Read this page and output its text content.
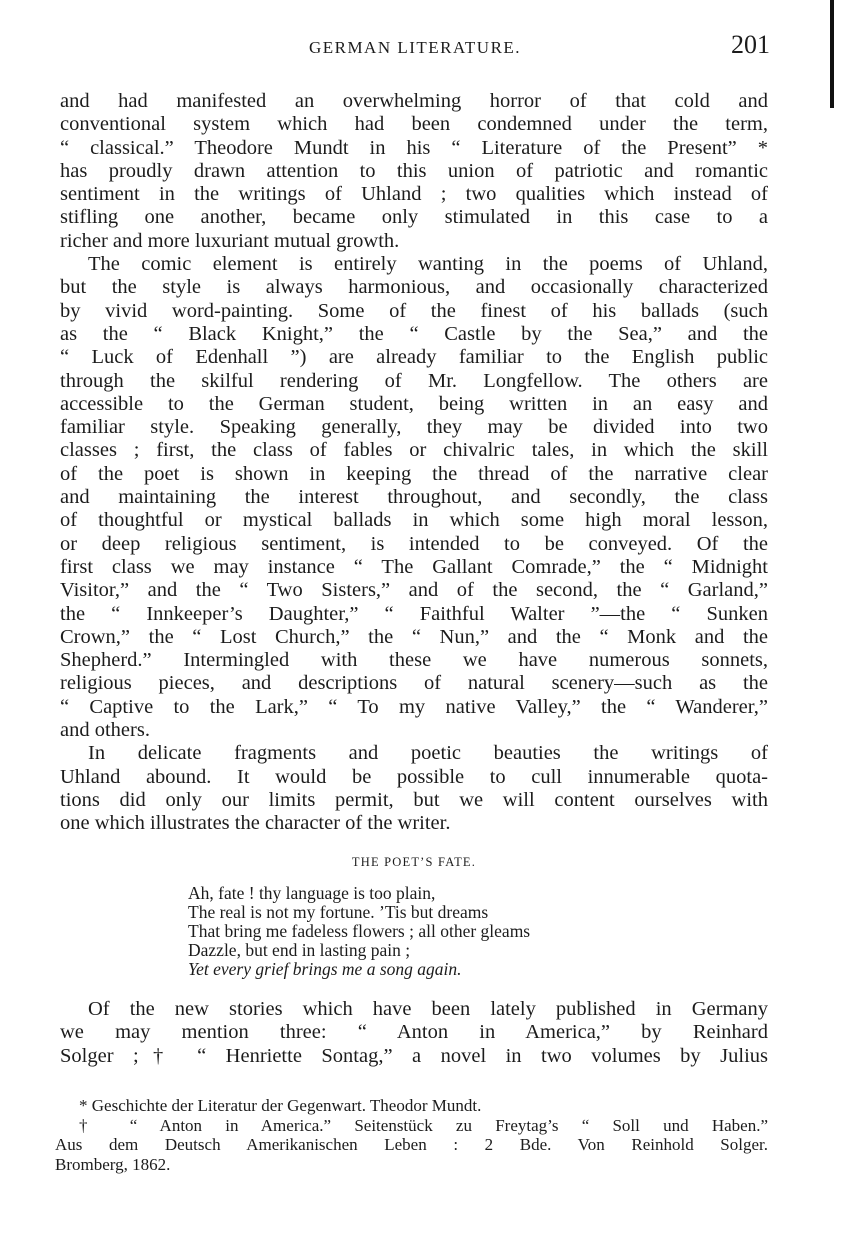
GERMAN LITERATURE.	201
and had manifested an overwhelming horror of that cold and
conventional system which had been condemned under the term,
“ classical.” Theodore Mundt in his “ Literature of the Present” *
has proudly drawn attention to this union of patriotic and romantic
sentiment in the writings of Uhland ; two qualities which instead of
stifling one another, became only stimulated in this case to a
richer and more luxuriant mutual growth.
The comic element is entirely wanting in the poems of Uhland,
but the style is always harmonious, and occasionally characterized
by vivid word-painting. Some of the finest of his ballads (such
as the “ Black Knight,” the “ Castle by the Sea,” and the
“ Luck of Edenhall ”) are already familiar to the English public
through the skilful rendering of Mr. Longfellow. The others are
accessible to the German student, being written in an easy and
familiar style. Speaking generally, they may be divided into two
classes ; first, the class of fables or chivalric tales, in which the skill
of the poet is shown in keeping the thread of the narrative clear
and maintaining the interest throughout, and secondly, the class
of thoughtful or mystical ballads in which some high moral lesson,
or deep religious sentiment, is intended to be conveyed. Of the
first class we may instance “ The Gallant Comrade,” the “ Midnight
Visitor,” and the “ Two Sisters,” and of the second, the “ Garland,”
the “ Innkeeper’s Daughter,” “ Faithful Walter ”—the “ Sunken
Crown,” the “ Lost Church,” the “ Nun,” and the “ Monk and the
Shepherd.” Intermingled with these we have numerous sonnets,
religious pieces, and descriptions of natural scenery—such as the
“ Captive to the Lark,” “ To my native Valley,” the “ Wanderer,”
and others.
In delicate fragments and poetic beauties the writings of
Uhland abound. It would be possible to cull innumerable quota-
tions did only our limits permit, but we will content ourselves with
one which illustrates the character of the writer.
THE POET’S FATE.
Ah, fate ! thy language is too plain,
The real is not my fortune. ’Tis but dreams
That bring me fadeless flowers ; all other gleams
Dazzle, but end in lasting pain ;
Yet every grief brings me a song again.
Of the new stories which have been lately published in Germany
we may mention three: “ Anton in America,” by Reinhard
Solger ;† “ Henriette Sontag,” a novel in two volumes by Julius
* Geschichte der Literatur der Gegenwart. Theodor Mundt.
† “ Anton in America.” Seitenstück zu Freytag’s “ Soll und Haben.”
Aus dem Deutsch Amerikanischen Leben : 2 Bde. Von Reinhold Solger.
Bromberg, 1862.
